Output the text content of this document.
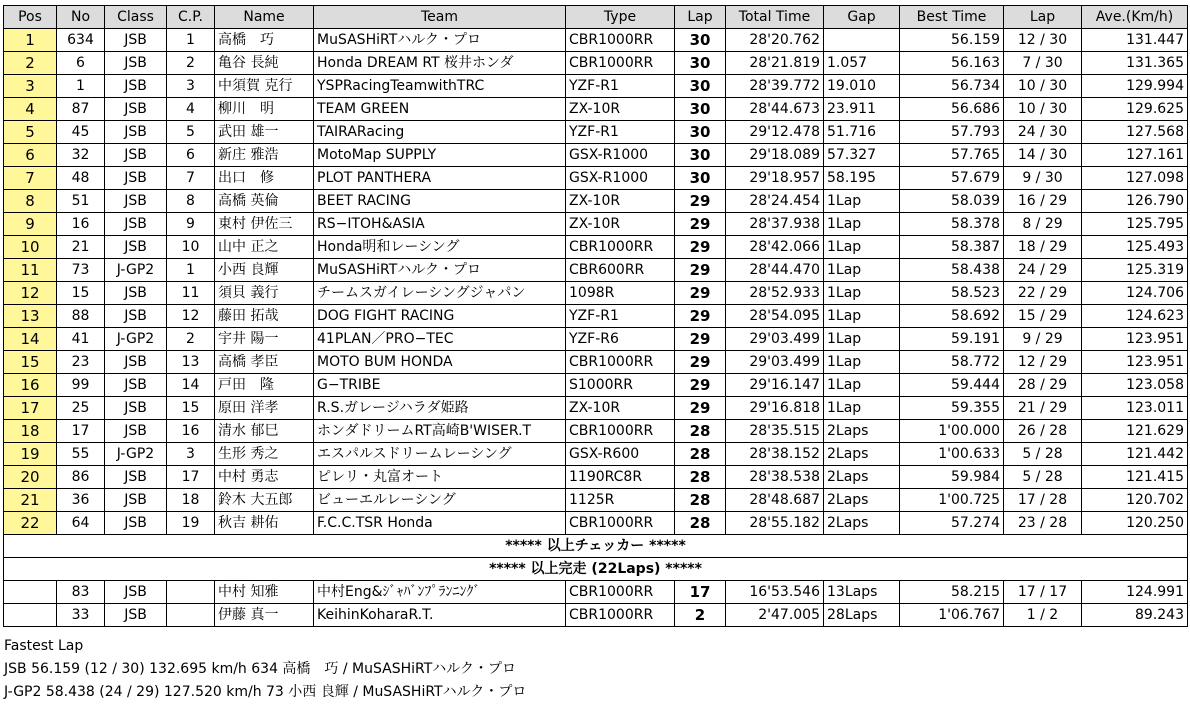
Pos	No	Class	C.P.	Name	Team	Type	Lap	Total Time	Gap	Best Time	Lap	Ave.(Km/h)
1	634	JSB	1	高橋　巧	MuSASHiRTハルク・プロ	CBR1000RR	30	28'20.762		56.159	12 / 30	131.447
2	6	JSB	2	亀谷 長純	Honda DREAM RT 桜井ホンダ	CBR1000RR	30	28'21.819	1.057	56.163	7 / 30	131.365
3	1	JSB	3	中須賀 克行	YSPRacingTeamwithTRC	YZF-R1	30	28'39.772	19.010	56.734	10 / 30	129.994
4	87	JSB	4	柳川　明	TEAM GREEN	ZX-10R	30	28'44.673	23.911	56.686	10 / 30	129.625
5	45	JSB	5	武田 雄一	TAIRARacing	YZF-R1	30	29'12.478	51.716	57.793	24 / 30	127.568
6	32	JSB	6	新庄 雅浩	MotoMap SUPPLY	GSX-R1000	30	29'18.089	57.327	57.765	14 / 30	127.161
7	48	JSB	7	出口　修	PLOT PANTHERA	GSX-R1000	30	29'18.957	58.195	57.679	9 / 30	127.098
8	51	JSB	8	高橋 英倫	BEET RACING	ZX-10R	29	28'24.454	1Lap	58.039	16 / 29	126.790
9	16	JSB	9	東村 伊佐三	RS−ITOH&ASIA	ZX-10R	29	28'37.938	1Lap	58.378	8 / 29	125.795
10	21	JSB	10	山中 正之	Honda明和レーシング	CBR1000RR	29	28'42.066	1Lap	58.387	18 / 29	125.493
11	73	J-GP2	1	小西 良輝	MuSASHiRTハルク・プロ	CBR600RR	29	28'44.470	1Lap	58.438	24 / 29	125.319
12	15	JSB	11	須貝 義行	チームスガイレーシングジャパン	1098R	29	28'52.933	1Lap	58.523	22 / 29	124.706
13	88	JSB	12	藤田 拓哉	DOG FIGHT RACING	YZF-R1	29	28'54.095	1Lap	58.692	15 / 29	124.623
14	41	J-GP2	2	宇井 陽一	41PLAN／PRO−TEC	YZF-R6	29	29'03.499	1Lap	59.191	9 / 29	123.951
15	23	JSB	13	高橋 孝臣	MOTO BUM HONDA	CBR1000RR	29	29'03.499	1Lap	58.772	12 / 29	123.951
16	99	JSB	14	戸田　隆	G−TRIBE	S1000RR	29	29'16.147	1Lap	59.444	28 / 29	123.058
17	25	JSB	15	原田 洋孝	R.S.ガレージハラダ姫路	ZX-10R	29	29'16.818	1Lap	59.355	21 / 29	123.011
18	17	JSB	16	清水 郁巳	ホンダドリームRT高崎B'WISER.T	CBR1000RR	28	28'35.515	2Laps	1'00.000	26 / 28	121.629
19	55	J-GP2	3	生形 秀之	エスパルスドリームレーシング	GSX-R600	28	28'38.152	2Laps	1'00.633	5 / 28	121.442
20	86	JSB	17	中村 勇志	ピレリ・丸富オート	1190RC8R	28	28'38.538	2Laps	59.984	5 / 28	121.415
21	36	JSB	18	鈴木 大五郎	ビューエルレーシング	1125R	28	28'48.687	2Laps	1'00.725	17 / 28	120.702
22	64	JSB	19	秋吉 耕佑	F.C.C.TSR Honda	CBR1000RR	28	28'55.182	2Laps	57.274	23 / 28	120.250
***** 以上チェッカー *****												
***** 以上完走 (22Laps) *****												
	83	JSB		中村 知雅	中村Eng&ｼﾞｬﾊﾞﾝﾌﾟﾗﾝﾆﾝｸﾞ	CBR1000RR	17	16'53.546	13Laps	58.215	17 / 17	124.991
	33	JSB		伊藤 真一	KeihinKoharaR.T.	CBR1000RR	2	2'47.005	28Laps	1'06.767	1 / 2	89.243
Fastest Lap
JSB 56.159 (12 / 30) 132.695 km/h 634 高橋　巧 / MuSASHiRTハルク・プロ
J-GP2 58.438 (24 / 29) 127.520 km/h 73 小西 良輝 / MuSASHiRTハルク・プロ
